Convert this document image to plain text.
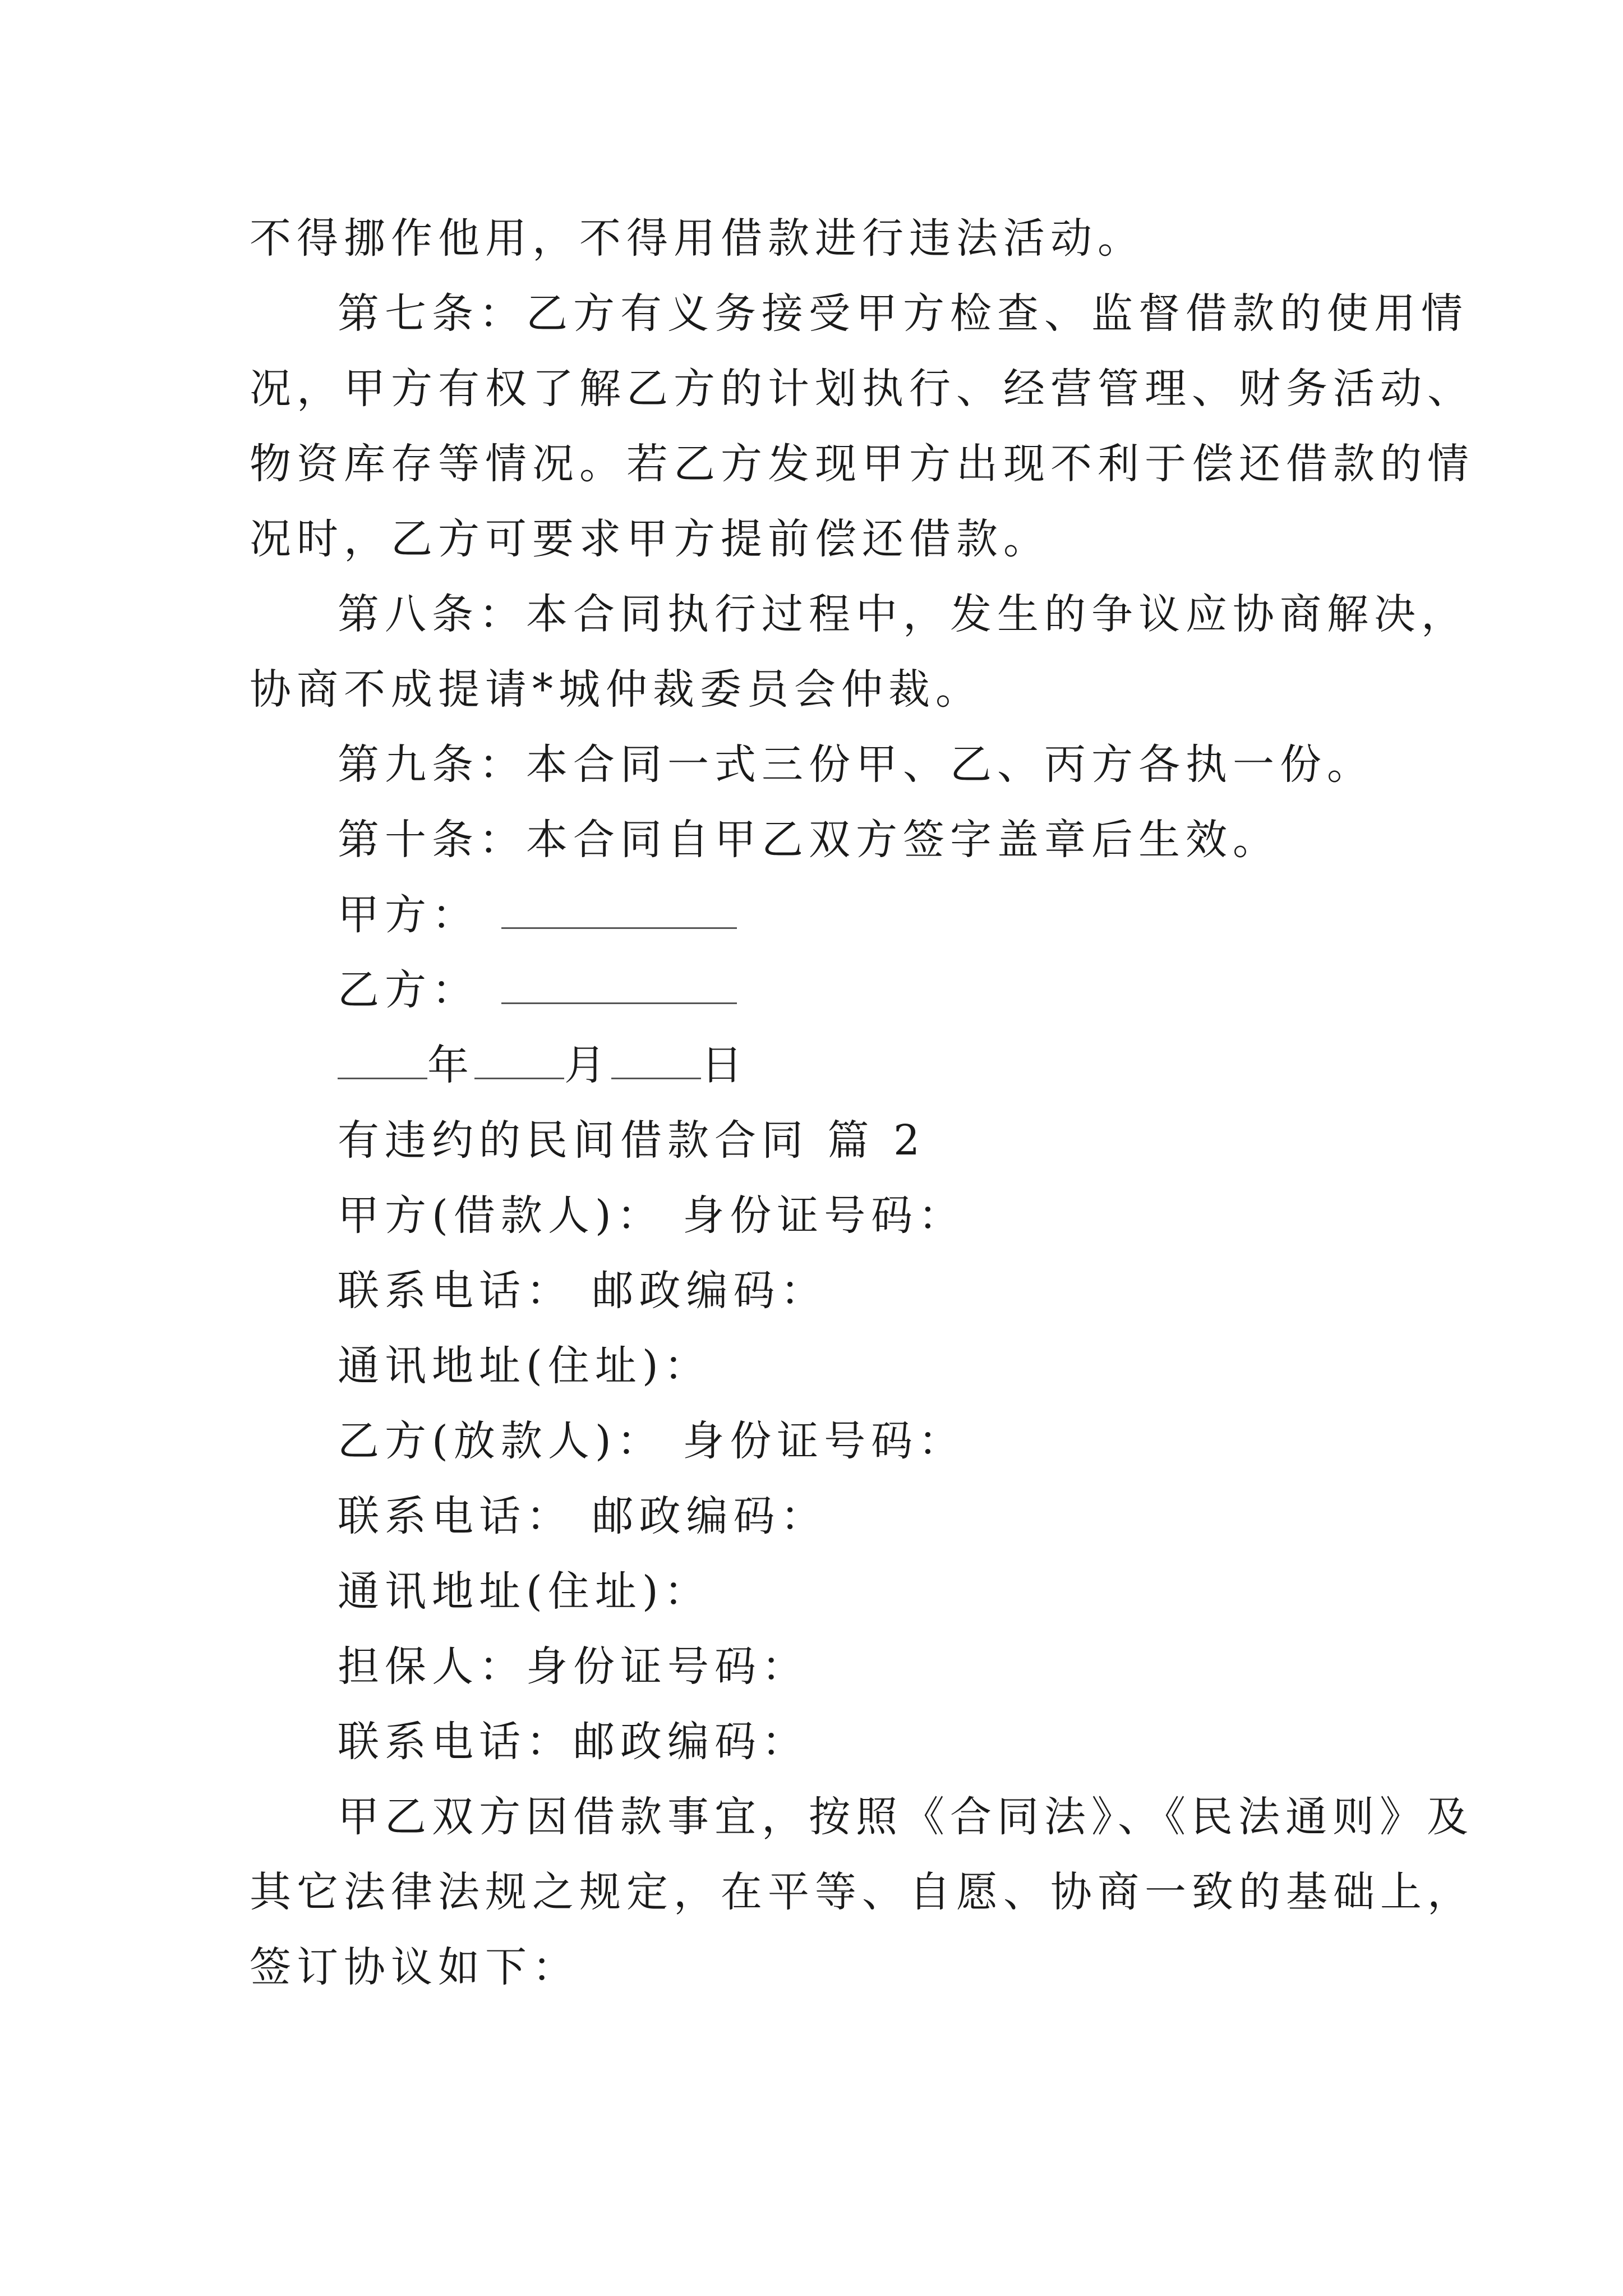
不得挪作他用，不得用借款进行违法活动。
第七条：乙方有义务接受甲方检查、监督借款的使用情
况，甲方有权了解乙方的计划执行、经营管理、财务活动、
物资库存等情况。若乙方发现甲方出现不利于偿还借款的情
况时，乙方可要求甲方提前偿还借款。
第八条：本合同执行过程中，发生的争议应协商解决，
协商不成提请*城仲裁委员会仲裁。
第九条：本合同一式三份甲、乙、丙方各执一份。
第十条：本合同自甲乙双方签字盖章后生效。
甲方：
乙方：
年 月 日
有违约的民间借款合同 篇 2
甲方(借款人)： 身份证号码：
联系电话： 邮政编码：
通讯地址(住址)：
乙方(放款人)： 身份证号码：
联系电话： 邮政编码：
通讯地址(住址)：
担保人：身份证号码：
联系电话：邮政编码：
甲乙双方因借款事宜，按照《合同法》、《民法通则》及
其它法律法规之规定，在平等、自愿、协商一致的基础上，
签订协议如下：
